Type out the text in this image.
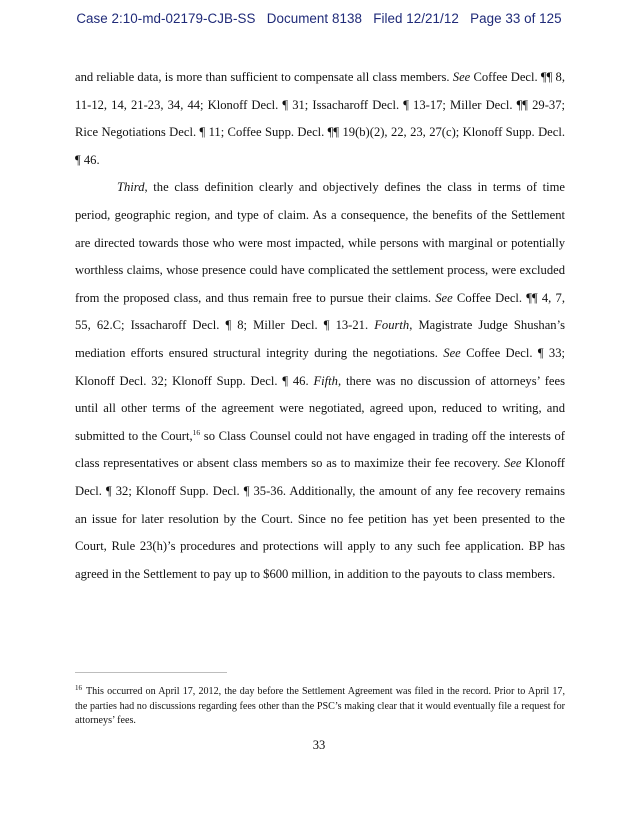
Case 2:10-md-02179-CJB-SS   Document 8138   Filed 12/21/12   Page 33 of 125

and reliable data, is more than sufficient to compensate all class members. See Coffee Decl. ¶¶ 8, 11-12, 14, 21-23, 34, 44; Klonoff Decl. ¶ 31; Issacharoff Decl. ¶ 13-17; Miller Decl. ¶¶ 29-37; Rice Negotiations Decl. ¶ 11; Coffee Supp. Decl. ¶¶ 19(b)(2), 22, 23, 27(c); Klonoff Supp. Decl. ¶ 46.

Third, the class definition clearly and objectively defines the class in terms of time period, geographic region, and type of claim. As a consequence, the benefits of the Settlement are directed towards those who were most impacted, while persons with marginal or potentially worthless claims, whose presence could have complicated the settlement process, were excluded from the proposed class, and thus remain free to pursue their claims. See Coffee Decl. ¶¶ 4, 7, 55, 62.C; Issacharoff Decl. ¶ 8; Miller Decl. ¶ 13-21. Fourth, Magistrate Judge Shushan’s mediation efforts ensured structural integrity during the negotiations. See Coffee Decl. ¶ 33; Klonoff Decl. 32; Klonoff Supp. Decl. ¶ 46. Fifth, there was no discussion of attorneys’ fees until all other terms of the agreement were negotiated, agreed upon, reduced to writing, and submitted to the Court,$^{16}$ so Class Counsel could not have engaged in trading off the interests of class representatives or absent class members so as to maximize their fee recovery. See Klonoff Decl. ¶ 32; Klonoff Supp. Decl. ¶ 35-36. Additionally, the amount of any fee recovery remains an issue for later resolution by the Court. Since no fee petition has yet been presented to the Court, Rule 23(h)’s procedures and protections will apply to any such fee application. BP has agreed in the Settlement to pay up to $600 million, in addition to the payouts to class members.

$^{16}$ This occurred on April 17, 2012, the day before the Settlement Agreement was filed in the record. Prior to April 17, the parties had no discussions regarding fees other than the PSC’s making clear that it would eventually file a request for attorneys’ fees.
33
